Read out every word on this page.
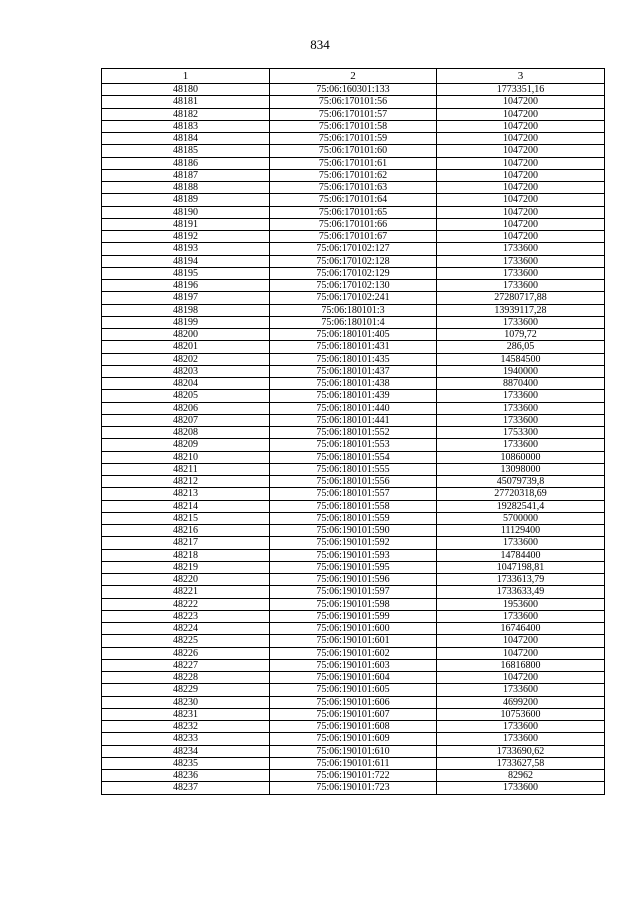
834
1	2	3
48180	75:06:160301:133	1773351,16
48181	75:06:170101:56	1047200
48182	75:06:170101:57	1047200
48183	75:06:170101:58	1047200
48184	75:06:170101:59	1047200
48185	75:06:170101:60	1047200
48186	75:06:170101:61	1047200
48187	75:06:170101:62	1047200
48188	75:06:170101:63	1047200
48189	75:06:170101:64	1047200
48190	75:06:170101:65	1047200
48191	75:06:170101:66	1047200
48192	75:06:170101:67	1047200
48193	75:06:170102:127	1733600
48194	75:06:170102:128	1733600
48195	75:06:170102:129	1733600
48196	75:06:170102:130	1733600
48197	75:06:170102:241	27280717,88
48198	75:06:180101:3	13939117,28
48199	75:06:180101:4	1733600
48200	75:06:180101:405	1079,72
48201	75:06:180101:431	286,05
48202	75:06:180101:435	14584500
48203	75:06:180101:437	1940000
48204	75:06:180101:438	8870400
48205	75:06:180101:439	1733600
48206	75:06:180101:440	1733600
48207	75:06:180101:441	1733600
48208	75:06:180101:552	1753300
48209	75:06:180101:553	1733600
48210	75:06:180101:554	10860000
48211	75:06:180101:555	13098000
48212	75:06:180101:556	45079739,8
48213	75:06:180101:557	27720318,69
48214	75:06:180101:558	19282541,4
48215	75:06:180101:559	5700000
48216	75:06:190101:590	11129400
48217	75:06:190101:592	1733600
48218	75:06:190101:593	14784400
48219	75:06:190101:595	1047198,81
48220	75:06:190101:596	1733613,79
48221	75:06:190101:597	1733633,49
48222	75:06:190101:598	1953600
48223	75:06:190101:599	1733600
48224	75:06:190101:600	16746400
48225	75:06:190101:601	1047200
48226	75:06:190101:602	1047200
48227	75:06:190101:603	16816800
48228	75:06:190101:604	1047200
48229	75:06:190101:605	1733600
48230	75:06:190101:606	4699200
48231	75:06:190101:607	10753600
48232	75:06:190101:608	1733600
48233	75:06:190101:609	1733600
48234	75:06:190101:610	1733690,62
48235	75:06:190101:611	1733627,58
48236	75:06:190101:722	82962
48237	75:06:190101:723	1733600
